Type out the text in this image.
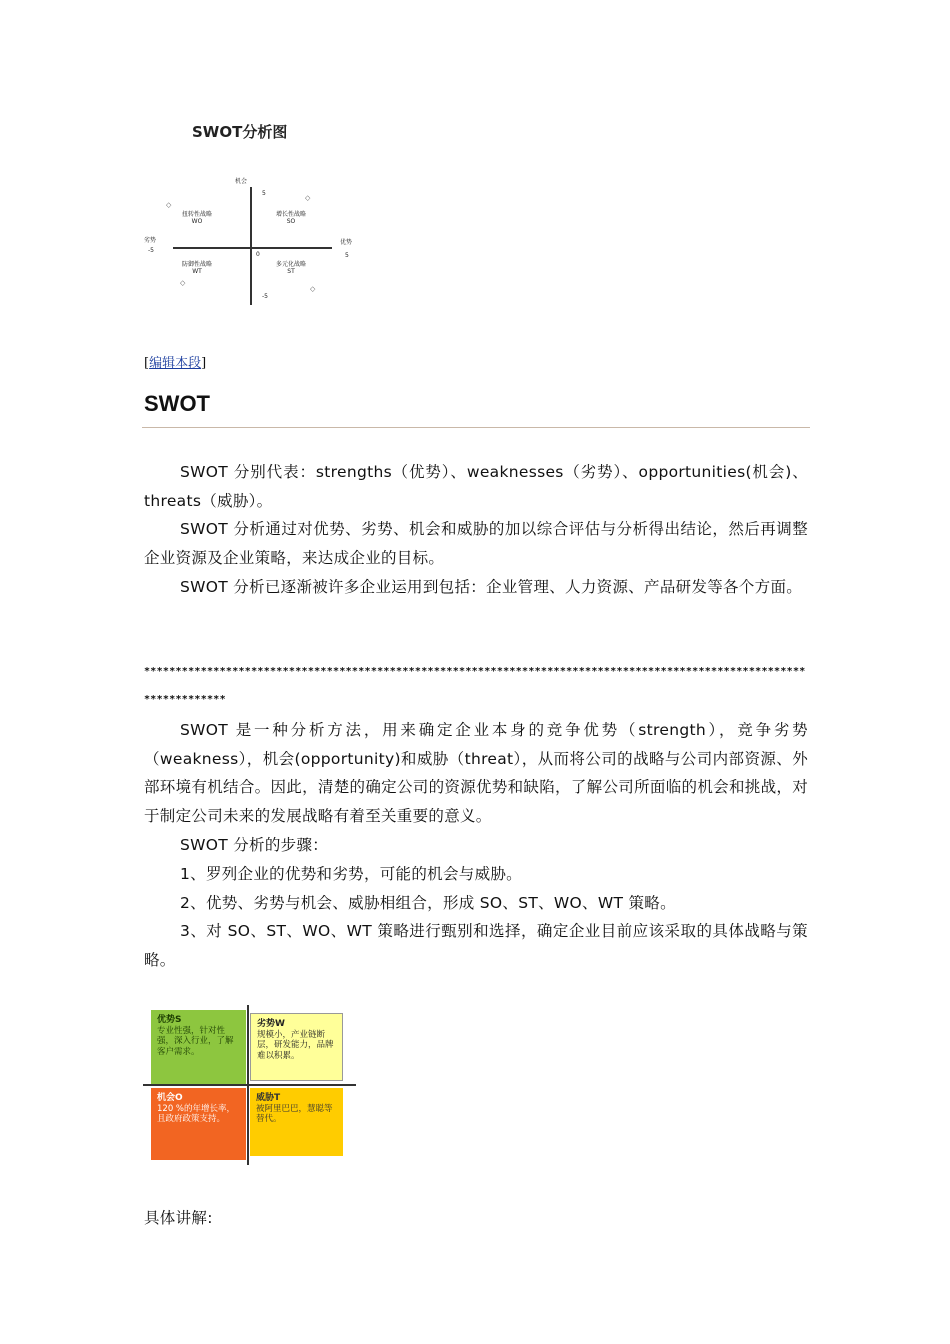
SWOT分析图
机会
5
-5
劣势
-5
优势
5
0
扭转性战略
WO
增长性战略
SO
防御性战略
WT
多元化战略
ST
◇
◇
◇
◇
[编辑本段]
SWOT

SWOT 分别代表：strengths（优势）、weaknesses（劣势）、opportunities(机会)、threats（威胁）。

SWOT 分析通过对优势、劣势、机会和威胁的加以综合评估与分析得出结论，然后再调整企业资源及企业策略，来达成企业的目标。

SWOT 分析已逐渐被许多企业运用到包括：企业管理、人力资源、产品研发等各个方面。

**********************************************************************************************************************

SWOT 是一种分析方法，用来确定企业本身的竞争优势（strength），竞争劣势（weakness），机会(opportunity)和威胁（threat），从而将公司的战略与公司内部资源、外部环境有机结合。因此，清楚的确定公司的资源优势和缺陷，了解公司所面临的机会和挑战，对于制定公司未来的发展战略有着至关重要的意义。

SWOT 分析的步骤：

1、罗列企业的优势和劣势，可能的机会与威胁。

2、优势、劣势与机会、威胁相组合，形成 SO、ST、WO、WT 策略。

3、对 SO、ST、WO、WT 策略进行甄别和选择，确定企业目前应该采取的具体战略与策略。

优势S
专业性强，针对性强，深入行业，了解客户需求。
劣势W
规模小，产业链断层，研发能力，品牌难以积累。
机会O
120 %的年增长率，且政府政策支持。
威胁T
被阿里巴巴，慧聪等替代。
具体讲解:
